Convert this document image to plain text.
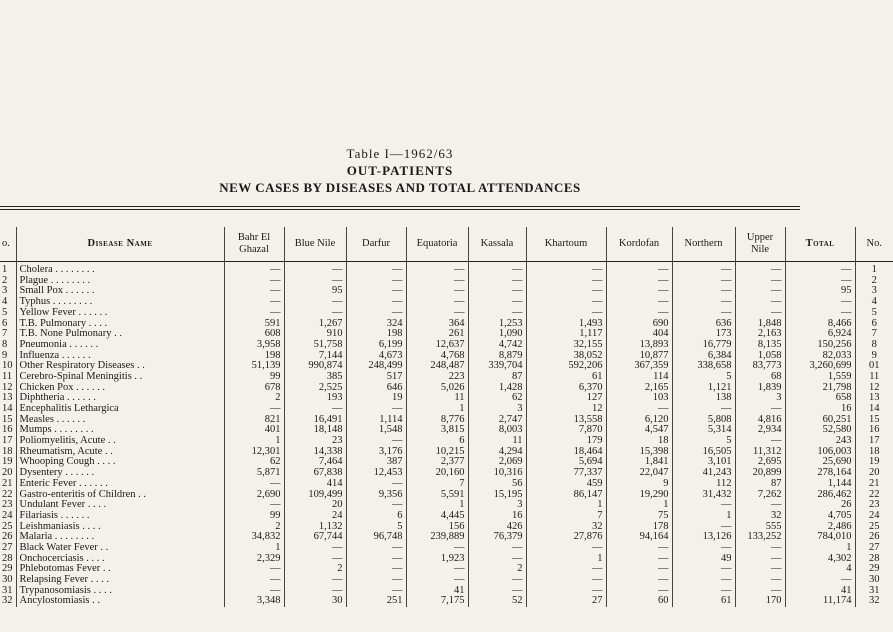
Table I—1962/63
OUT-PATIENTS
NEW CASES BY DISEASES AND TOTAL ATTENDANCES
o.	Disease Name	Bahr El Ghazal	Blue Nile	Darfur	Equatoria	Kassala	Khartoum	Kordofan	Northern	Upper Nile	Total	No.
1	Cholera . . . . . . . .	—	—	—	—	—	—	—	—	—	—	1
2	Plague . . . . . . . .	—	—	—	—	—	—	—	—	—	—	2
3	Small Pox . . . . . .	—	95	—	—	—	—	—	—	—	95	3
4	Typhus . . . . . . . .	—	—	—	—	—	—	—	—	—	—	4
5	Yellow Fever . . . . . .	—	—	—	—	—	—	—	—	—	—	5
6	T.B. Pulmonary . . . .	591	1,267	324	364	1,253	1,493	690	636	1,848	8,466	6
7	T.B. None Pulmonary . .	608	910	198	261	1,090	1,117	404	173	2,163	6,924	7
8	Pneumonia . . . . . .	3,958	51,758	6,199	12,637	4,742	32,155	13,893	16,779	8,135	150,256	8
9	Influenza . . . . . .	198	7,144	4,673	4,768	8,879	38,052	10,877	6,384	1,058	82,033	9
10	Other Respiratory Diseases . .	51,139	990,874	248,499	248,487	339,704	592,206	367,359	338,658	83,773	3,260,699	01
11	Cerebro-Spinal Meningitis . .	99	385	517	223	87	61	114	5	68	1,559	11
12	Chicken Pox . . . . . .	678	2,525	646	5,026	1,428	6,370	2,165	1,121	1,839	21,798	12
13	Diphtheria . . . . . .	2	193	19	11	62	127	103	138	3	658	13
14	Encephalitis Lethargica	—	—	—	1	3	12	—	—	—	16	14
15	Measles . . . . . .	821	16,491	1,114	8,776	2,747	13,558	6,120	5,808	4,816	60,251	15
16	Mumps . . . . . . . .	401	18,148	1,548	3,815	8,003	7,870	4,547	5,314	2,934	52,580	16
17	Poliomyelitis, Acute . .	1	23	—	6	11	179	18	5	—	243	17
18	Rheumatism, Acute . .	12,301	14,338	3,176	10,215	4,294	18,464	15,398	16,505	11,312	106,003	18
19	Whooping Cough . . . .	62	7,464	387	2,377	2,069	5,694	1,841	3,101	2,695	25,690	19
20	Dysentery . . . . . .	5,871	67,838	12,453	20,160	10,316	77,337	22,047	41,243	20,899	278,164	20
21	Enteric Fever . . . . . .	—	414	—	7	56	459	9	112	87	1,144	21
22	Gastro-enteritis of Children . .	2,690	109,499	9,356	5,591	15,195	86,147	19,290	31,432	7,262	286,462	22
23	Undulant Fever . . . .	—	20	—	1	3	1	1	—	—	26	23
24	Filariasis . . . . . .	99	24	6	4,445	16	7	75	1	32	4,705	24
25	Leishmaniasis . . . .	2	1,132	5	156	426	32	178	—	555	2,486	25
26	Malaria . . . . . . . .	34,832	67,744	96,748	239,889	76,379	27,876	94,164	13,126	133,252	784,010	26
27	Black Water Fever . .	1	—	—	—	—	—	—	—	—	1	27
28	Onchocerciasis . . . .	2,329	—	—	1,923	—	1	—	49	—	4,302	28
29	Phlebotomas Fever . .	—	2	—	—	2	—	—	—	—	4	29
30	Relapsing Fever . . . .	—	—	—	—	—	—	—	—	—	—	30
31	Trypanosomiasis . . . .	—	—	—	41	—	—	—	—	—	41	31
32	Ancylostomiasis . .	3,348	30	251	7,175	52	27	60	61	170	11,174	32
